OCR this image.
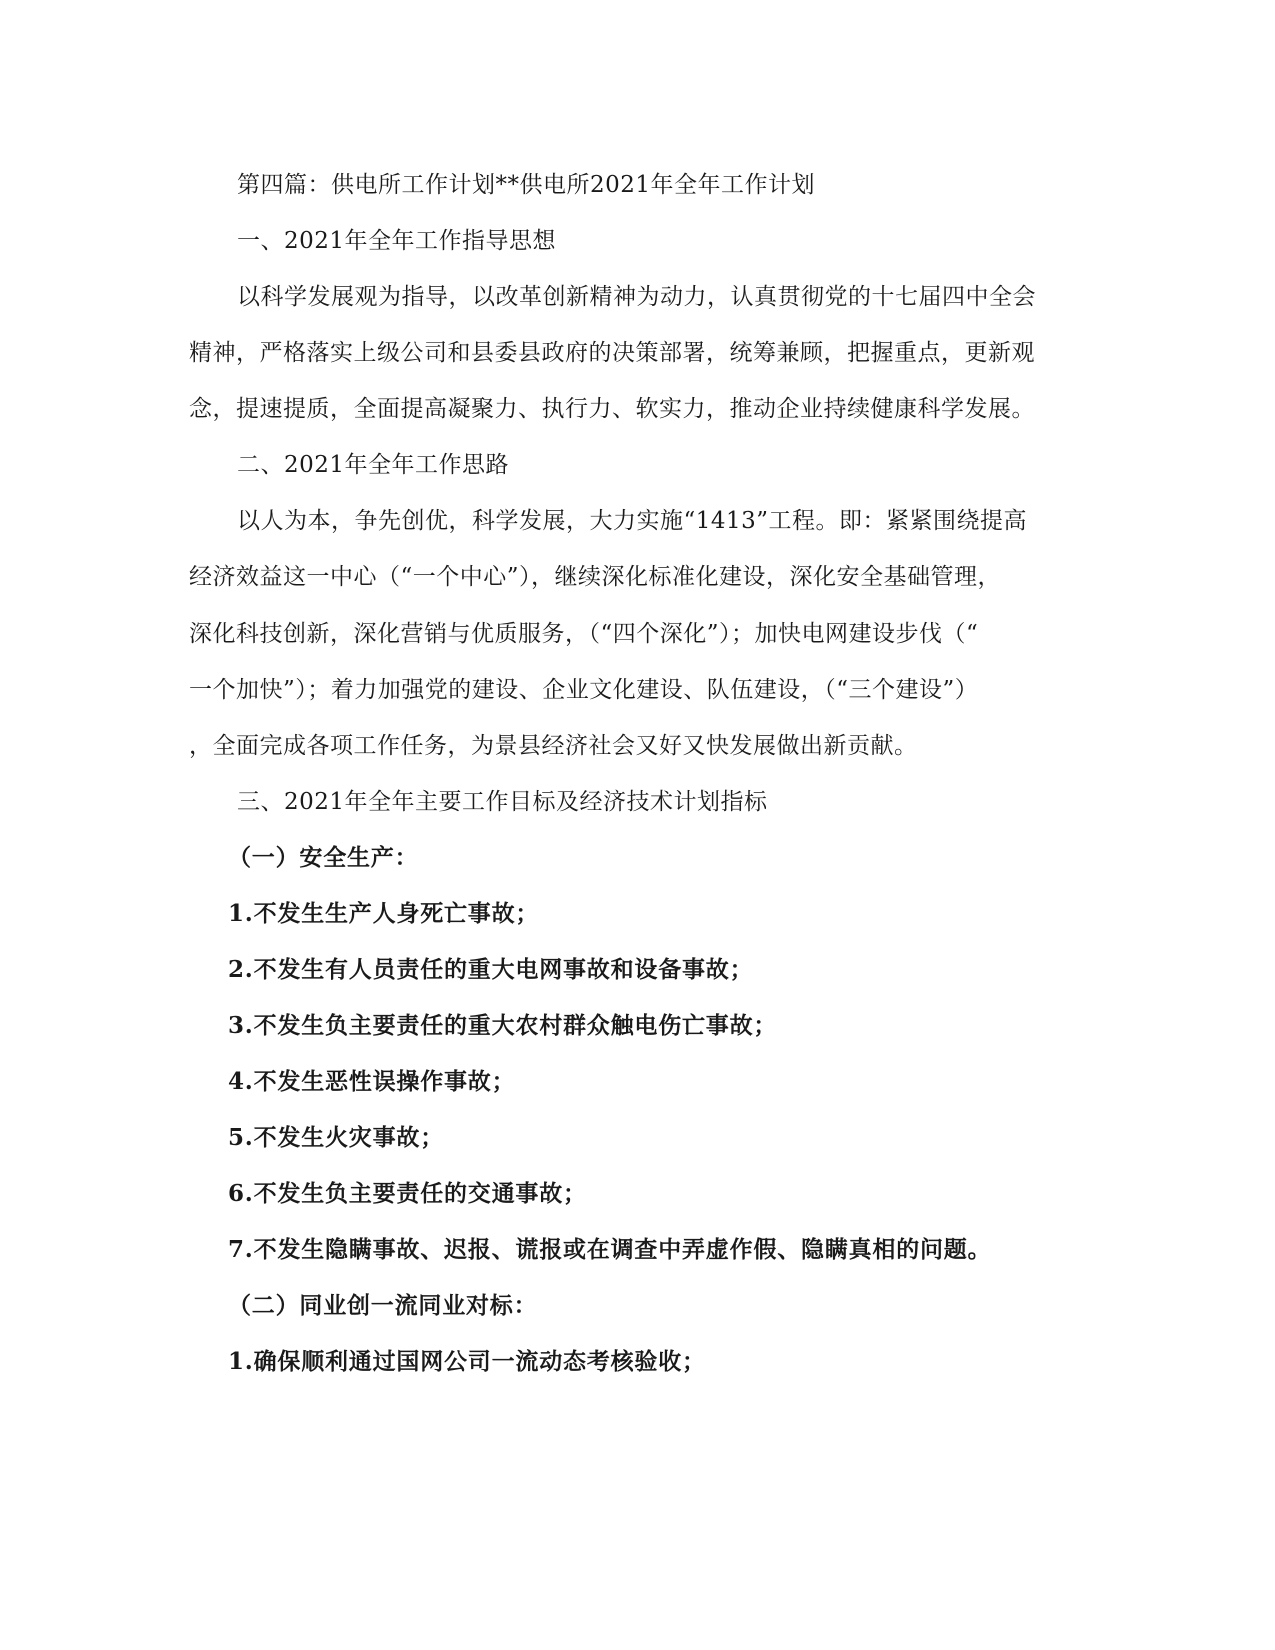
第四篇：供电所工作计划**供电所2021年全年工作计划
一、2021年全年工作指导思想
以科学发展观为指导，以改革创新精神为动力，认真贯彻党的十七届四中全会
精神，严格落实上级公司和县委县政府的决策部署，统筹兼顾，把握重点，更新观
念，提速提质，全面提高凝聚力、执行力、软实力，推动企业持续健康科学发展。
二、2021年全年工作思路
以人为本，争先创优，科学发展，大力实施“1413”工程。即：紧紧围绕提高
经济效益这一中心（“一个中心”），继续深化标准化建设，深化安全基础管理，
深化科技创新，深化营销与优质服务，（“四个深化”）；加快电网建设步伐（“
一个加快”）；着力加强党的建设、企业文化建设、队伍建设，（“三个建设”）
，全面完成各项工作任务，为景县经济社会又好又快发展做出新贡献。
三、2021年全年主要工作目标及经济技术计划指标
（一）安全生产：
1.不发生生产人身死亡事故；
2.不发生有人员责任的重大电网事故和设备事故；
3.不发生负主要责任的重大农村群众触电伤亡事故；
4.不发生恶性误操作事故；
5.不发生火灾事故；
6.不发生负主要责任的交通事故；
7.不发生隐瞒事故、迟报、谎报或在调查中弄虚作假、隐瞒真相的问题。
（二）同业创一流同业对标：
1.确保顺利通过国网公司一流动态考核验收；
